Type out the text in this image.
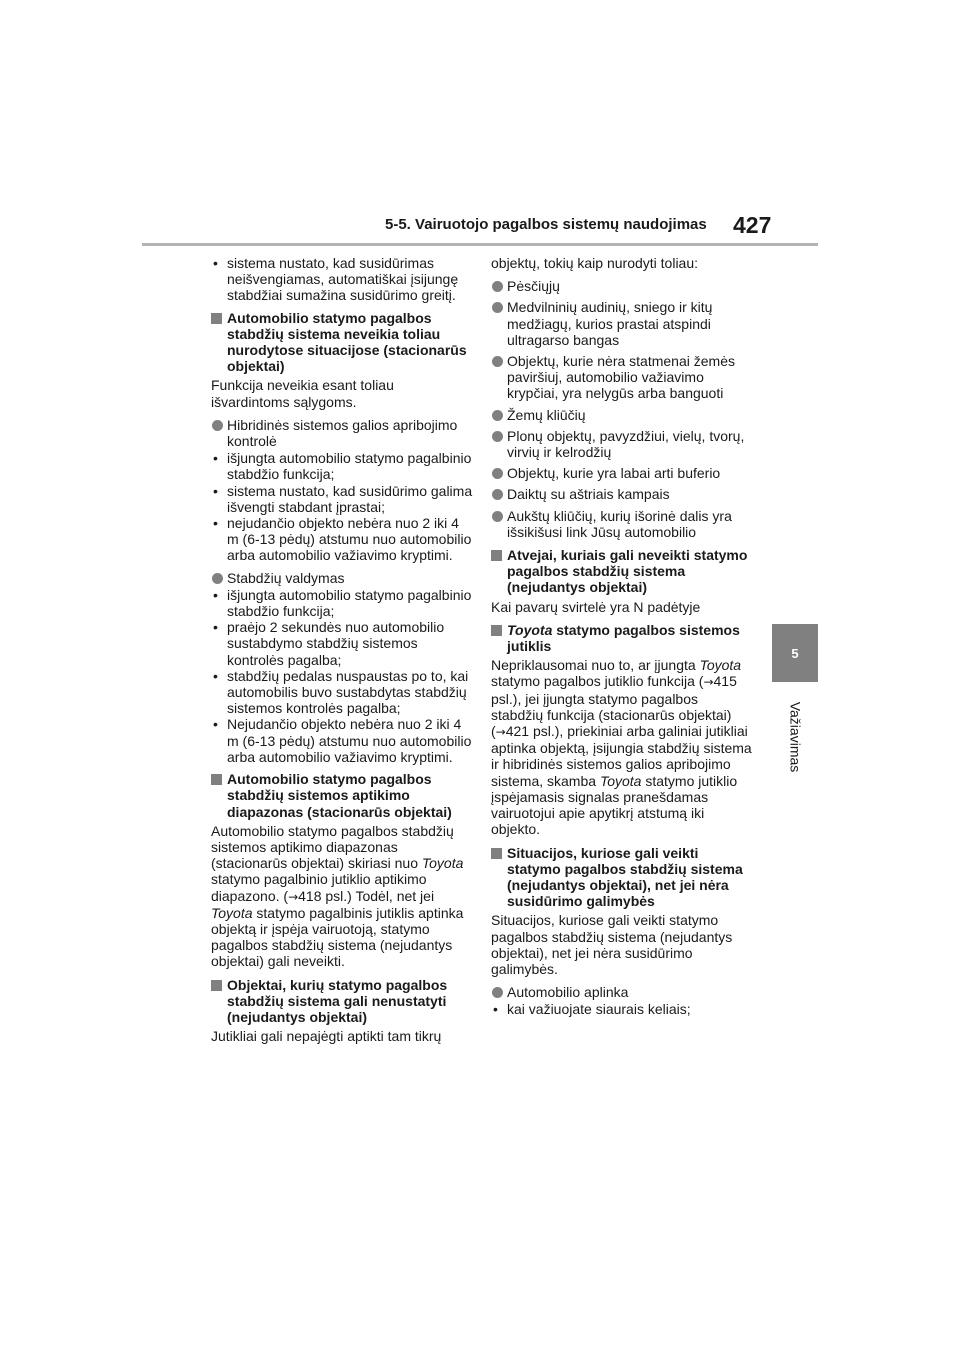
5-5. Vairuotojo pagalbos sistemų naudojimas 427
5
Važiavimas
• sistema nustato, kad susidūrimas neišvengiamas, automatiškai įsijungę stabdžiai sumažina susidūrimo greitį.
Automobilio statymo pagalbos stabdžių sistema neveikia toliau nurodytose situacijose (stacionarūs objektai)

Funkcija neveikia esant toliau išvardintoms sąlygoms.

Hibridinės sistemos galios apribojimo kontrolė
• išjungta automobilio statymo pagalbinio stabdžio funkcija;
• sistema nustato, kad susidūrimo galima išvengti stabdant įprastai;
• nejudančio objekto nebėra nuo 2 iki 4 m (6-13 pėdų) atstumu nuo automobilio arba automobilio važiavimo kryptimi.
Stabdžių valdymas
• išjungta automobilio statymo pagalbinio stabdžio funkcija;
• praėjo 2 sekundės nuo automobilio sustabdymo stabdžių sistemos kontrolės pagalba;
• stabdžių pedalas nuspaustas po to, kai automobilis buvo sustabdytas stabdžių sistemos kontrolės pagalba;
• Nejudančio objekto nebėra nuo 2 iki 4 m (6-13 pėdų) atstumu nuo automobilio arba automobilio važiavimo kryptimi.
Automobilio statymo pagalbos stabdžių sistemos aptikimo diapazonas (stacionarūs objektai)

Automobilio statymo pagalbos stabdžių sistemos aptikimo diapazonas (stacionarūs objektai) skiriasi nuo Toyota statymo pagalbinio jutiklio aptikimo diapazono. (→418 psl.) Todėl, net jei Toyota statymo pagalbinis jutiklis aptinka objektą ir įspėja vairuotoją, statymo pagalbos stabdžių sistema (nejudantys objektai) gali neveikti.

Objektai, kurių statymo pagalbos stabdžių sistema gali nenustatyti (nejudantys objektai)

Jutikliai gali nepajėgti aptikti tam tikrų

objektų, tokių kaip nurodyti toliau:

Pėsčiųjų
Medvilninių audinių, sniego ir kitų medžiagų, kurios prastai atspindi ultragarso bangas
Objektų, kurie nėra statmenai žemės paviršiuj, automobilio važiavimo krypčiai, yra nelygūs arba banguoti
Žemų kliūčių
Plonų objektų, pavyzdžiui, vielų, tvorų, virvių ir kelrodžių
Objektų, kurie yra labai arti buferio
Daiktų su aštriais kampais
Aukštų kliūčių, kurių išorinė dalis yra išsikišusi link Jūsų automobilio
Atvejai, kuriais gali neveikti statymo pagalbos stabdžių sistema (nejudantys objektai)

Kai pavarų svirtelė yra N padėtyje

Toyota statymo pagalbos sistemos jutiklis

Nepriklausomai nuo to, ar įjungta Toyota statymo pagalbos jutiklio funkcija (→415 psl.), jei įjungta statymo pagalbos stabdžių funkcija (stacionarūs objektai) (→421 psl.), priekiniai arba galiniai jutikliai aptinka objektą, įsijungia stabdžių sistema ir hibridinės sistemos galios apribojimo sistema, skamba Toyota statymo jutiklio įspėjamasis signalas pranešdamas vairuotojui apie apytikrį atstumą iki objekto.

Situacijos, kuriose gali veikti statymo pagalbos stabdžių sistema (nejudantys objektai), net jei nėra susidūrimo galimybės

Situacijos, kuriose gali veikti statymo pagalbos stabdžių sistema (nejudantys objektai), net jei nėra susidūrimo galimybės.

Automobilio aplinka
• kai važiuojate siaurais keliais;
